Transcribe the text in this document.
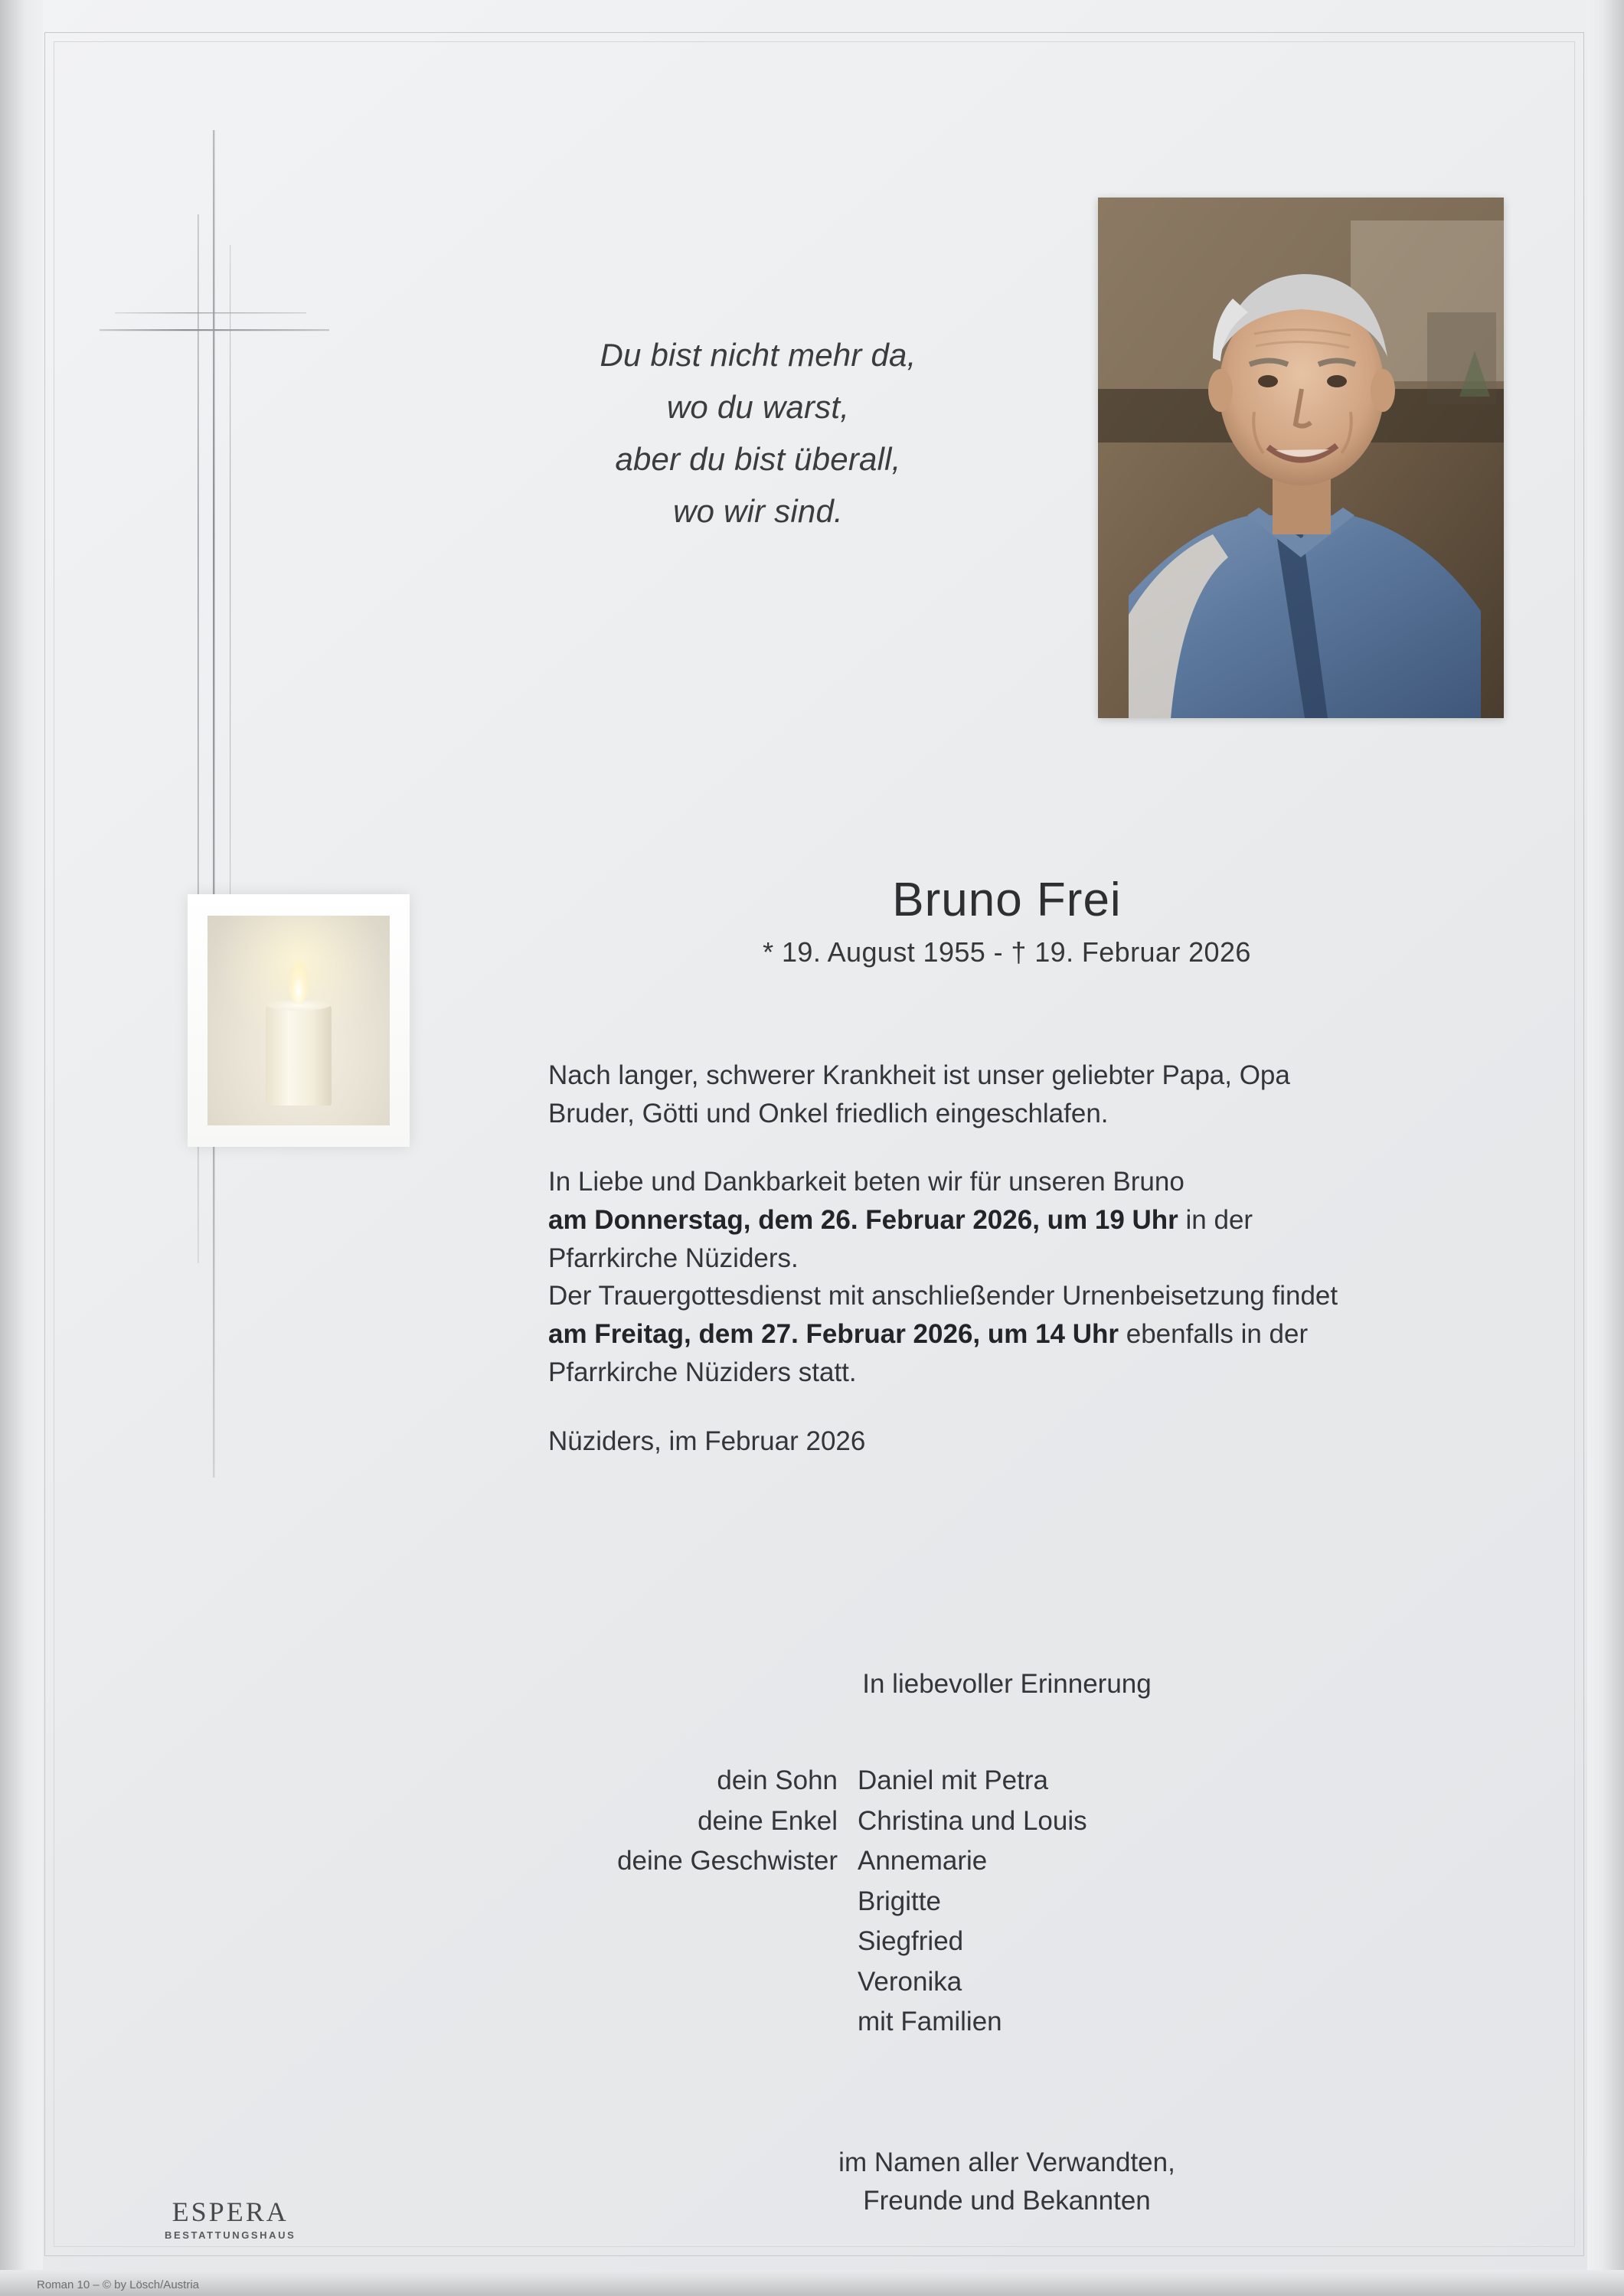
Du bist nicht mehr da,
wo du warst,
aber du bist überall,
wo wir sind.
Bruno Frei
* 19. August 1955 - † 19. Februar 2026

Nach langer, schwerer Krankheit ist unser geliebter Papa, Opa

Bruder, Götti und Onkel friedlich eingeschlafen.

In Liebe und Dankbarkeit beten wir für unseren Bruno

am Donnerstag, dem 26. Februar 2026, um 19 Uhr in der

Pfarrkirche Nüziders.

Der Trauergottesdienst mit anschließender Urnenbeisetzung findet

am Freitag, dem 27. Februar 2026, um 14 Uhr ebenfalls in der

Pfarrkirche Nüziders statt.

Nüziders, im Februar 2026

In liebevoller Erinnerung
dein Sohn Daniel mit Petra
deine Enkel Christina und Louis
deine Geschwister Annemarie
Brigitte
Siegfried
Veronika
mit Familien
im Namen aller Verwandten,
Freunde und Bekannten
ESPERA
BESTATTUNGSHAUS
Roman 10 – © by Lösch/Austria
